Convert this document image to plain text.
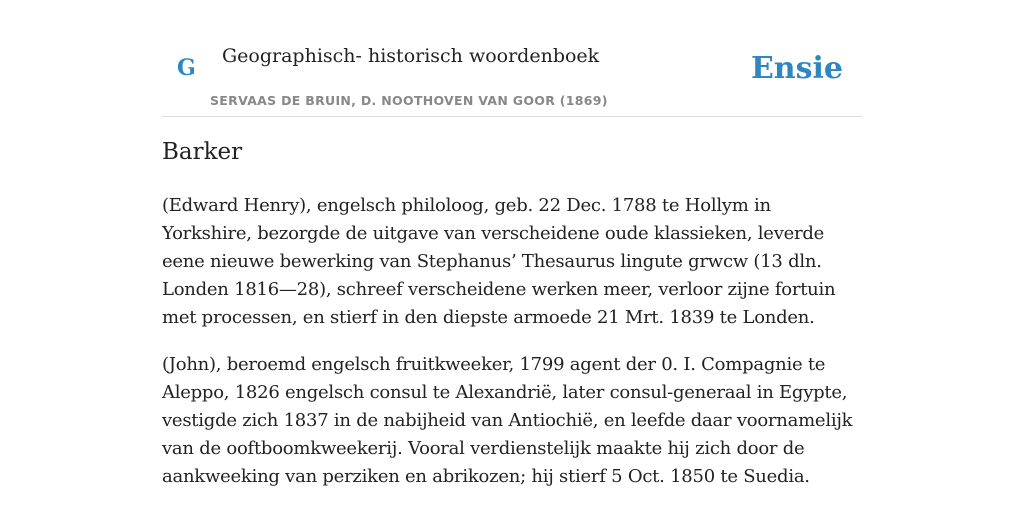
G Geographisch- historisch woordenboek
SERVAAS DE BRUIN, D. NOOTHOVEN VAN GOOR (1869)
Ensie
Barker

(Edward Henry), engelsch philoloog, geb. 22 Dec. 1788 te Hollym in Yorkshire, bezorgde de uitgave van verscheidene oude klassieken, leverde eene nieuwe bewerking van Stephanus’ Thesaurus lingute grwcw (13 dln. Londen 1816—28), schreef verscheidene werken meer, verloor zijne fortuin met processen, en stierf in den diepste armoede 21 Mrt. 1839 te Londen.

(John), beroemd engelsch fruitkweeker, 1799 agent der 0. I. Compagnie te Aleppo, 1826 engelsch consul te Alexandrië, later consul-generaal in Egypte, vestigde zich 1837 in de nabijheid van Antiochië, en leefde daar voornamelijk van de ooftboomkweekerij. Vooral verdienstelijk maakte hij zich door de aankweeking van perziken en abrikozen; hij stierf 5 Oct. 1850 te Suedia.
